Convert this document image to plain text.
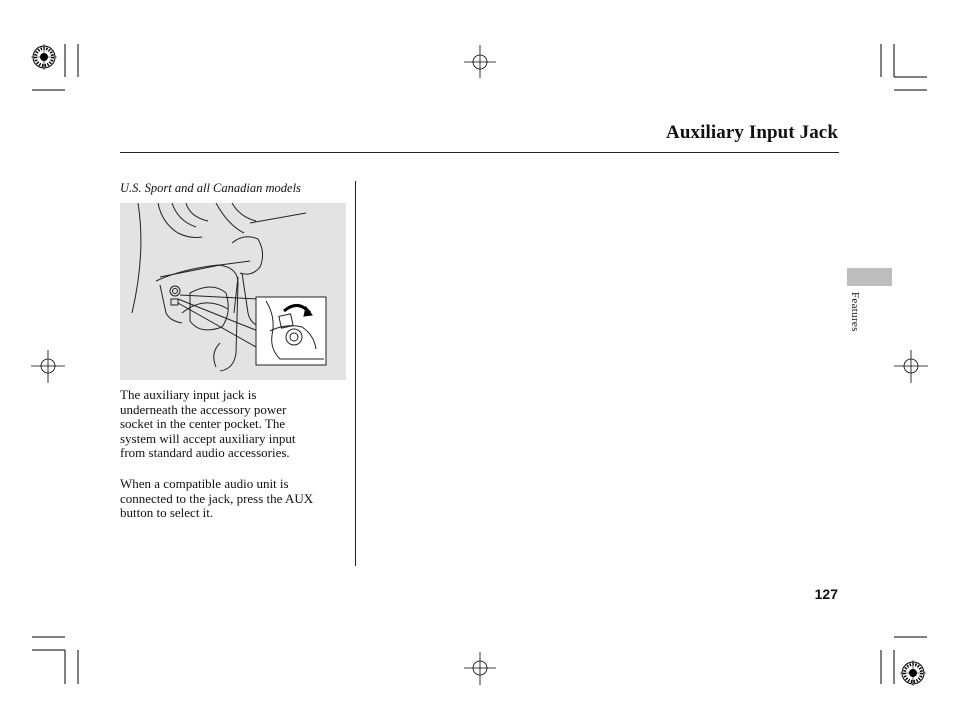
Auxiliary Input Jack
U.S. Sport and all Canadian models
The auxiliary input jack is
underneath the accessory power
socket in the center pocket. The
system will accept auxiliary input
from standard audio accessories.
When a compatible audio unit is
connected to the jack, press the AUX
button to select it.
Features
127
